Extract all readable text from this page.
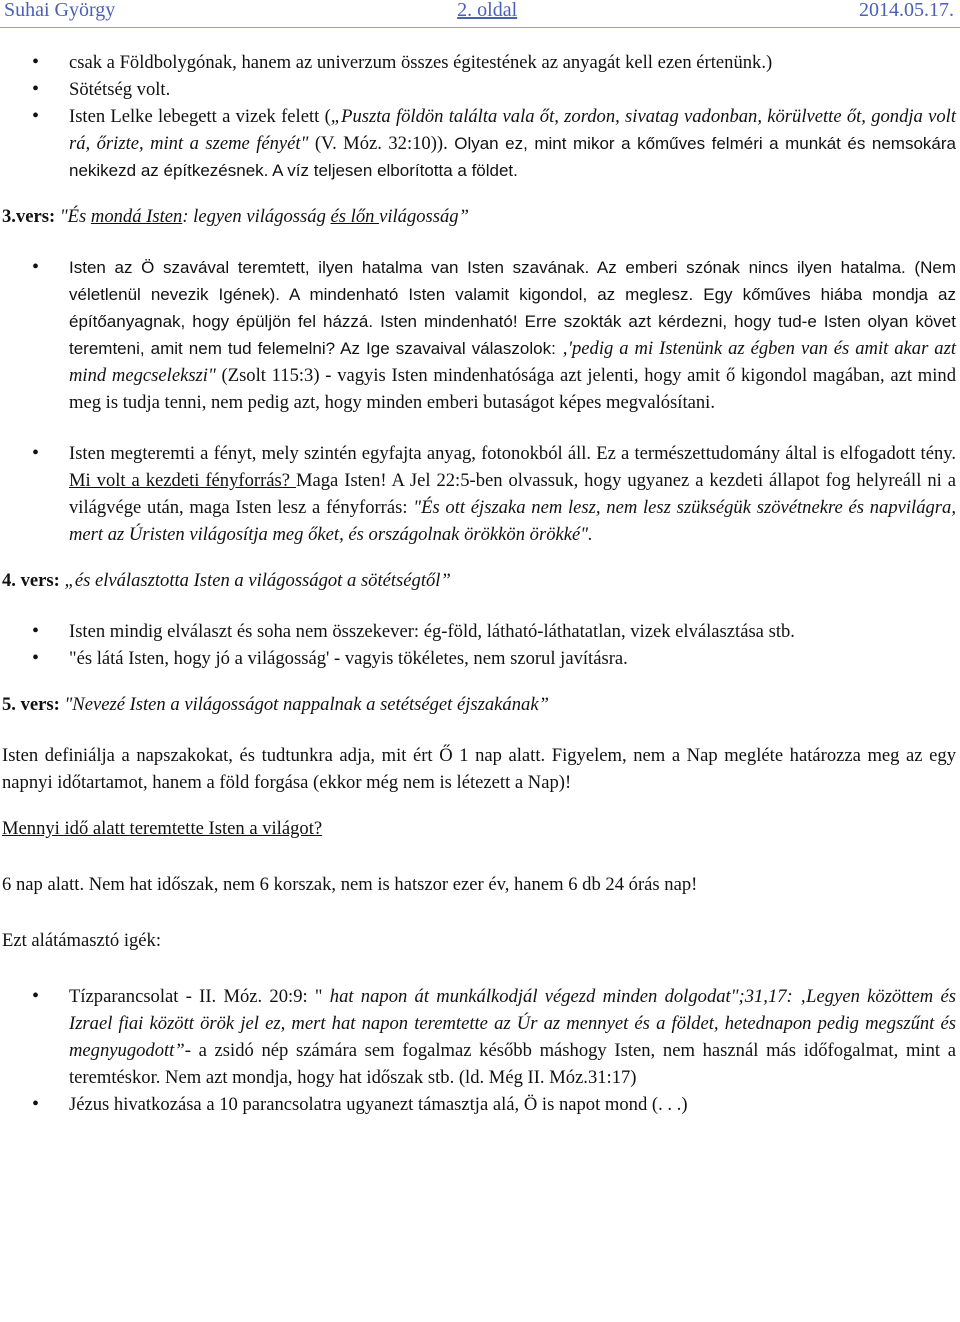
Suhai György	2. oldal	2014.05.17.
• csak a Földbolygónak, hanem az univerzum összes égitestének az anyagát kell ezen értenünk.)
• Sötétség volt.
• Isten Lelke lebegett a vizek felett („Puszta földön találta vala őt, zordon, sivatag vadonban, körülvette őt, gondja volt rá, őrizte, mint a szeme fényét" (V. Móz. 32:10)). Olyan ez, mint mikor a kőműves felméri a munkát és nemsokára nekikezd az építkezésnek. A víz teljesen elborította a földet.

3.vers: "És mondá Isten: legyen világosság és lőn világosság”

• Isten az Ö szavával teremtett, ilyen hatalma van Isten szavának. Az emberi szónak nincs ilyen hatalma. (Nem véletlenül nevezik Igének). A mindenható Isten valamit kigondol, az meglesz. Egy kőműves hiába mondja az építőanyagnak, hogy épüljön fel házzá. Isten mindenható! Erre szokták azt kérdezni, hogy tud-e Isten olyan követ teremteni, amit nem tud felemelni? Az Ige szavaival válaszolok: ‚'pedig a mi Istenünk az égben van és amit akar azt mind megcselekszi" (Zsolt 115:3) - vagyis Isten mindenhatósága azt jelenti, hogy amit ő kigondol magában, azt mind meg is tudja tenni, nem pedig azt, hogy minden emberi butaságot képes megvalósítani.
• Isten megteremti a fényt, mely szintén egyfajta anyag, fotonokból áll. Ez a természettudomány által is elfogadott tény. Mi volt a kezdeti fényforrás? Maga Isten! A Jel 22:5-ben olvassuk, hogy ugyanez a kezdeti állapot fog helyreáll ni a világvége után, maga Isten lesz a fényforrás: "És ott éjszaka nem lesz, nem lesz szükségük szövétnekre és napvilágra, mert az Úristen világosítja meg őket, és országolnak örökkön örökké".

4. vers: „és elválasztotta Isten a világosságot a sötétségtől”

• Isten mindig elválaszt és soha nem összekever: ég-föld, látható-láthatatlan, vizek elválasztása stb.
• "és látá Isten, hogy jó a világosság' - vagyis tökéletes, nem szorul javításra.

5. vers: "Nevezé Isten a világosságot nappalnak a setétséget éjszakának”

Isten definiálja a napszakokat, és tudtunkra adja, mit ért Ő 1 nap alatt. Figyelem, nem a Nap megléte határozza meg az egy napnyi időtartamot, hanem a föld forgása (ekkor még nem is létezett a Nap)!

Mennyi idő alatt teremtette Isten a világot?

6 nap alatt. Nem hat időszak, nem 6 korszak, nem is hatszor ezer év, hanem 6 db 24 órás nap!

Ezt alátámasztó igék:

• Tízparancsolat - II. Móz. 20:9: " hat napon át munkálkodjál végezd minden dolgodat";31,17: ‚Legyen közöttem és Izrael fiai között örök jel ez, mert hat napon teremtette az Úr az mennyet és a földet, hetednapon pedig megszűnt és megnyugodott”- a zsidó nép számára sem fogalmaz később máshogy Isten, nem használ más időfogalmat, mint a teremtéskor. Nem azt mondja, hogy hat időszak stb. (ld. Még II. Móz.31:17)
• Jézus hivatkozása a 10 parancsolatra ugyanezt támasztja alá, Ö is napot mond (. . .)
